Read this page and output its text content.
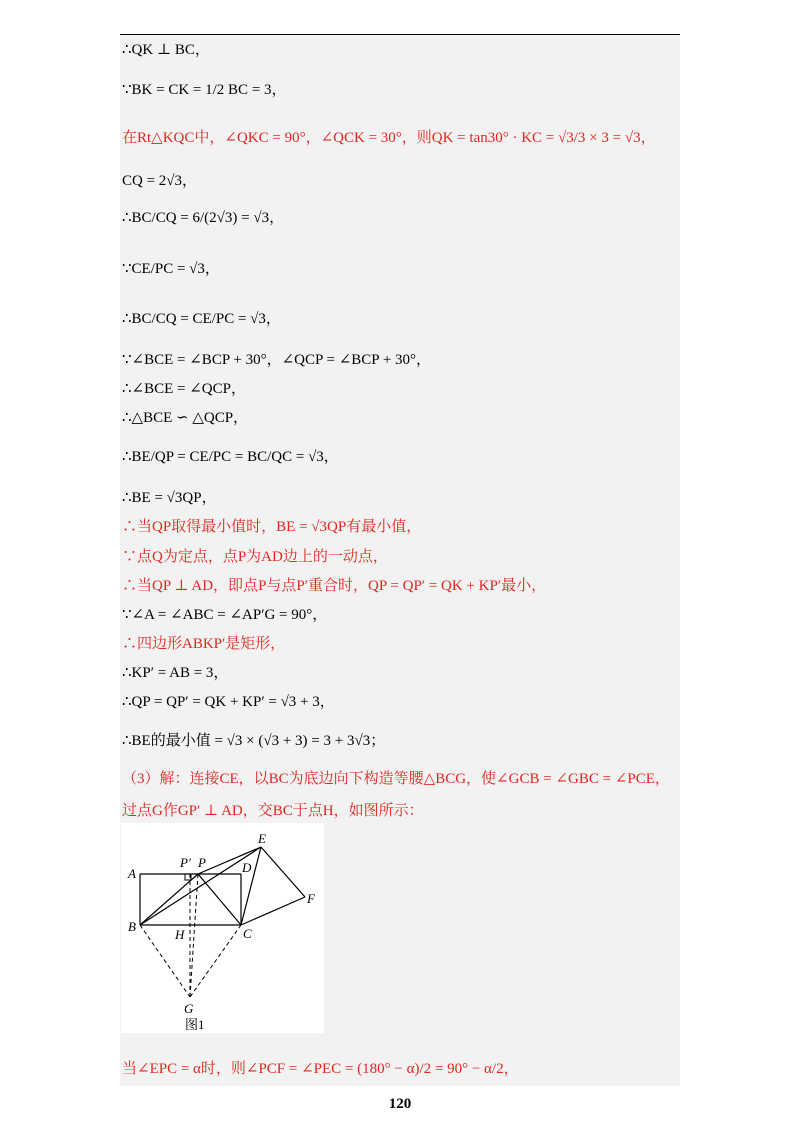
∴QK ⊥ BC，
∵BK = CK = 1/2 BC = 3，
在Rt△KQC中，∠QKC = 90°，∠QCK = 30°，则QK = tan30° · KC = √3/3 × 3 = √3，
CQ = 2√3，
∴BC/CQ = 6/(2√3) = √3，
∵CE/PC = √3，
∴BC/CQ = CE/PC = √3，
∵∠BCE = ∠BCP + 30°，∠QCP = ∠BCP + 30°，
∴∠BCE = ∠QCP，
∴△BCE ∽ △QCP，
∴BE/QP = CE/PC = BC/QC = √3，
∴BE = √3QP，
∴当QP取得最小值时，BE = √3QP有最小值，
∵点Q为定点，点P为AD边上的一动点，
∴当QP ⊥ AD，即点P与点P′重合时，QP = QP′ = QK + KP′最小，
∵∠A = ∠ABC = ∠AP′G = 90°，
∴四边形ABKP′是矩形，
∴KP′ = AB = 3，
∴QP = QP′ = QK + KP′ = √3 + 3，
∴BE的最小值 = √3 × (√3 + 3) = 3 + 3√3；
（3）解：连接CE，以BC为底边向下构造等腰△BCG，使∠GCB = ∠GBC = ∠PCE，
过点G作GP′ ⊥ AD，交BC于点H，如图所示：
A
B	C
D
E
F
G
H
P
P′
图1
当∠EPC = α时，则∠PCF = ∠PEC = (180° − α)/2 = 90° − α/2，
120
